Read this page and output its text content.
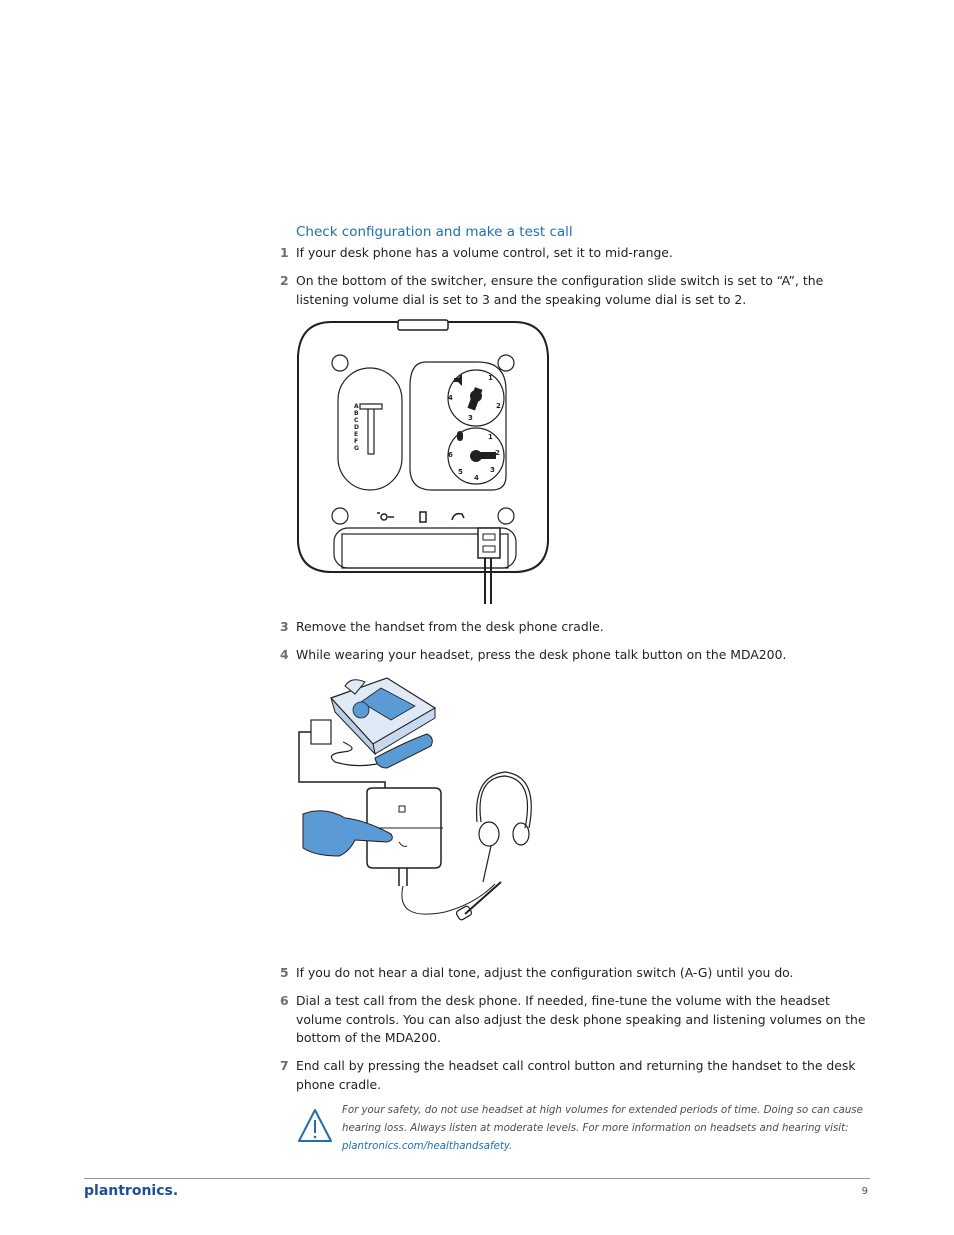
Check configuration and make a test call
1 If your desk phone has a volume control, set it to mid-range.
2 On the bottom of the switcher, ensure the configuration slide switch is set to “A”, the listening volume dial is set to 3 and the speaking volume dial is set to 2.
A
B
C
D
E
F
G
1
2
3
4
1
2
3
4
5
6
3 Remove the handset from the desk phone cradle.
4 While wearing your headset, press the desk phone talk button on the MDA200.
5 If you do not hear a dial tone, adjust the configuration switch (A-G) until you do.
6 Dial a test call from the desk phone. If needed, fine-tune the volume with the headset volume controls. You can also adjust the desk phone speaking and listening volumes on the bottom of the MDA200.
7 End call by pressing the headset call control button and returning the handset to the desk phone cradle.
For your safety, do not use headset at high volumes for extended periods of time. Doing so can cause hearing loss. Always listen at moderate levels. For more information on headsets and hearing visit:
plantronics.com/healthandsafety.
plantronics.	9
